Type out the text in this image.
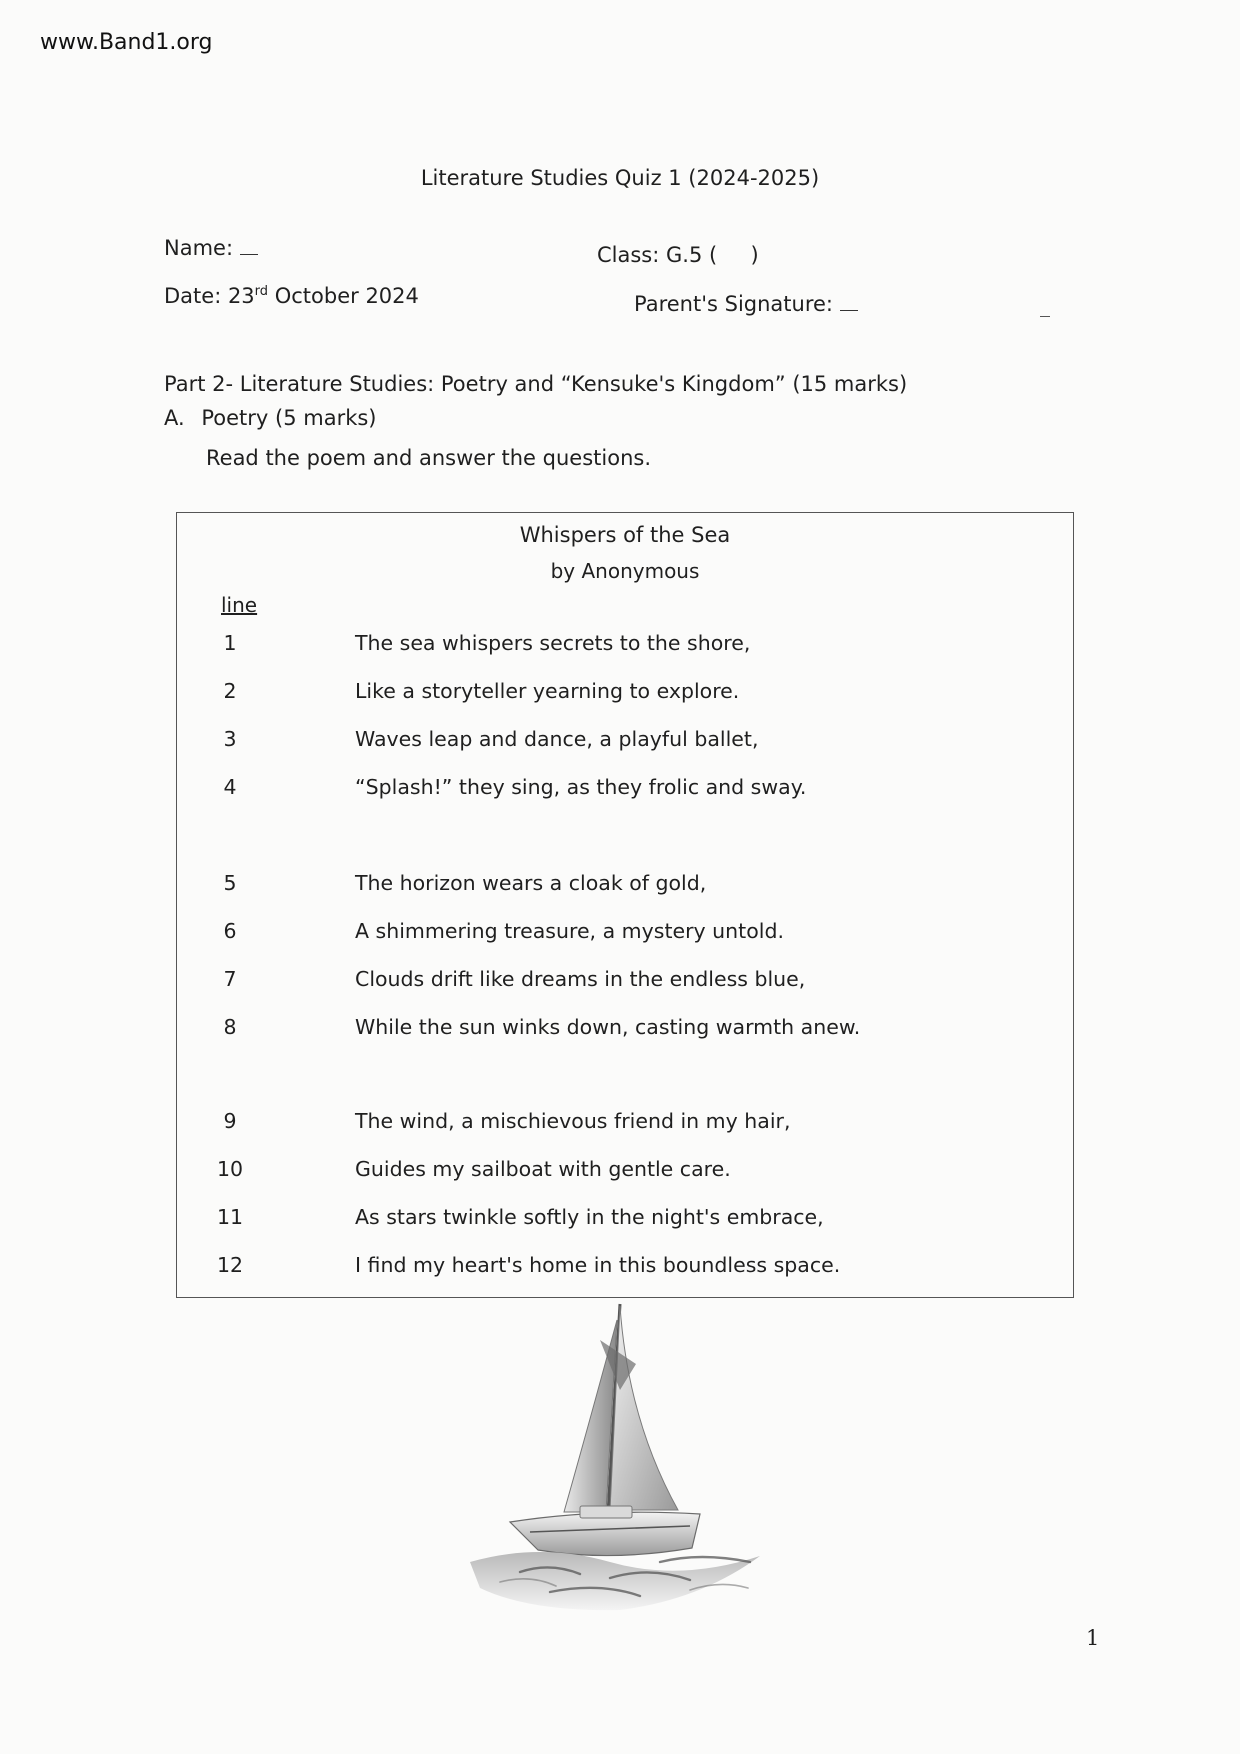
www.Band1.org
Literature Studies Quiz 1 (2024-2025)
Name:	Class: G.5 (     )
Date: 23rd October 2024	Parent's Signature:
Part 2- Literature Studies: Poetry and “Kensuke's Kingdom” (15 marks)
A. Poetry (5 marks)
Read the poem and answer the questions.
Whispers of the Sea
by Anonymous
line
1	The sea whispers secrets to the shore,
2	Like a storyteller yearning to explore.
3	Waves leap and dance, a playful ballet,
4	“Splash!” they sing, as they frolic and sway.
5	The horizon wears a cloak of gold,
6	A shimmering treasure, a mystery untold.
7	Clouds drift like dreams in the endless blue,
8	While the sun winks down, casting warmth anew.
9	The wind, a mischievous friend in my hair,
10	Guides my sailboat with gentle care.
11	As stars twinkle softly in the night's embrace,
12	I find my heart's home in this boundless space.
1
